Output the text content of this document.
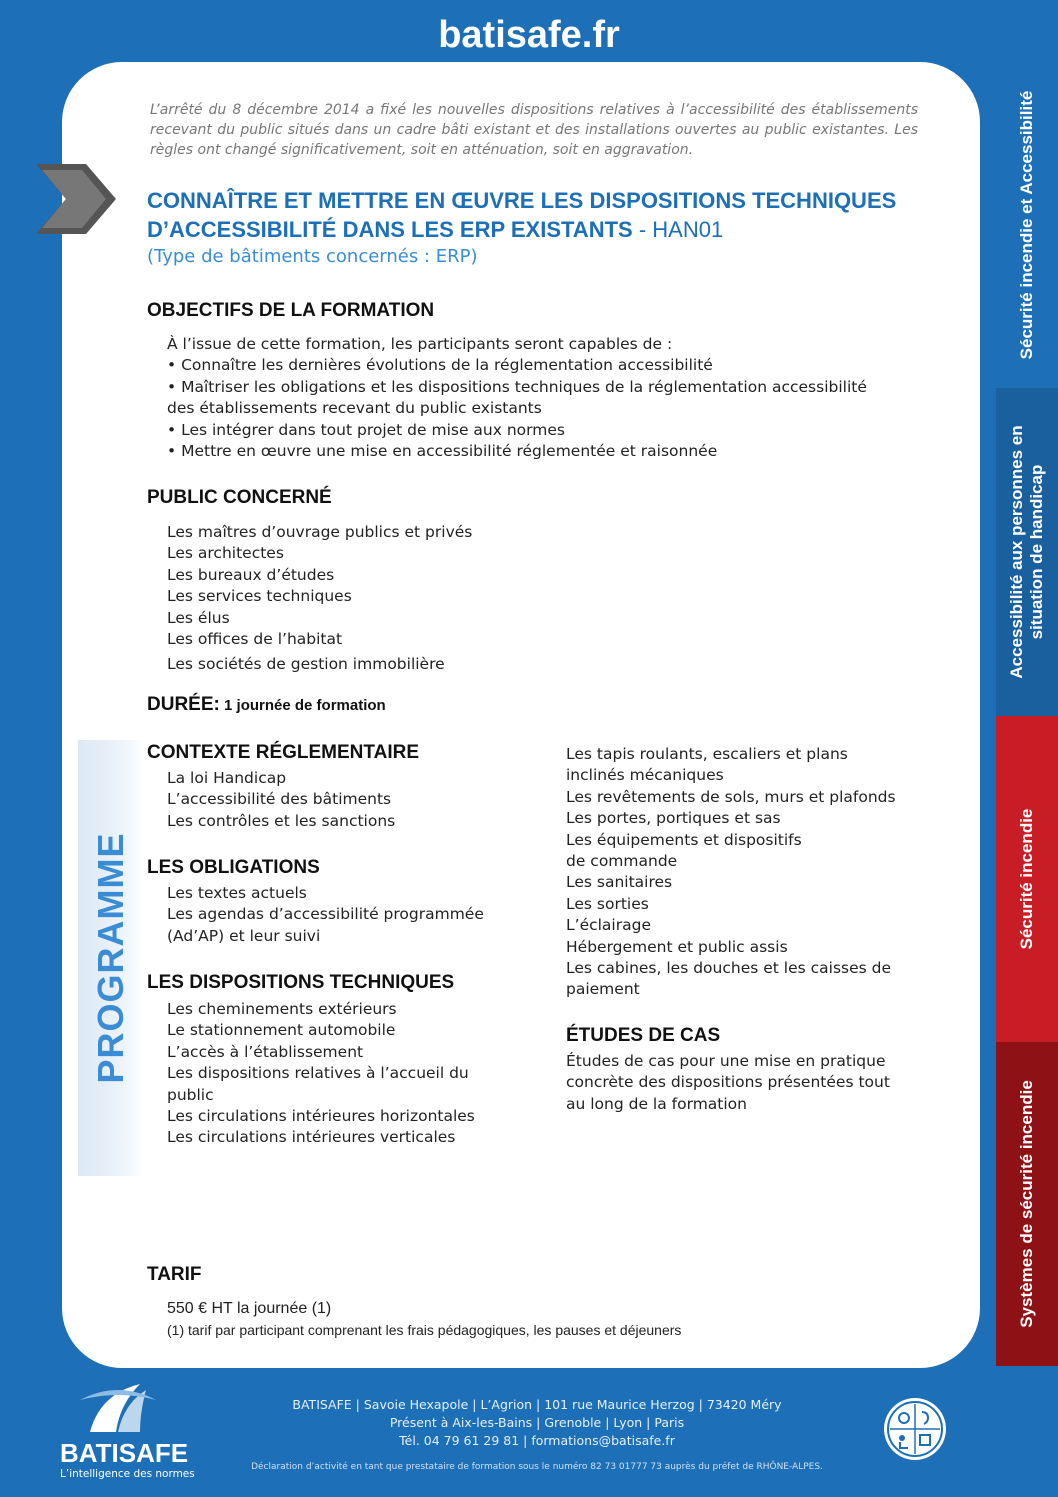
batisafe.fr
Sécurité incendie et Accessibilité
Accessibilité aux personnes en situation de handicap
Sécurité incendie
Systèmes de sécurité incendie
PROGRAMME
L’arrêté du 8 décembre 2014 a fixé les nouvelles dispositions relatives à l’accessibilité des établissements recevant du public situés dans un cadre bâti existant et des installations ouvertes au public existantes. Les règles ont changé significativement, soit en atténuation, soit en aggravation.
CONNAÎTRE ET METTRE EN ŒUVRE LES DISPOSITIONS TECHNIQUES D’ACCESSIBILITÉ DANS LES ERP EXISTANTS - HAN01
(Type de bâtiments concernés : ERP)
OBJECTIFS DE LA FORMATION
À l’issue de cette formation, les participants seront capables de :
• Connaître les dernières évolutions de la réglementation accessibilité
• Maîtriser les obligations et les dispositions techniques de la réglementation accessibilité
des établissements recevant du public existants
• Les intégrer dans tout projet de mise aux normes
• Mettre en œuvre une mise en accessibilité réglementée et raisonnée
PUBLIC CONCERNÉ
Les maîtres d’ouvrage publics et privés
Les architectes
Les bureaux d’études
Les services techniques
Les élus
Les offices de l’habitat
Les sociétés de gestion immobilière
DURÉE: 1 journée de formation
CONTEXTE RÉGLEMENTAIRE
La loi Handicap
L’accessibilité des bâtiments
Les contrôles et les sanctions
LES OBLIGATIONS
Les textes actuels
Les agendas d’accessibilité programmée
(Ad’AP) et leur suivi
LES DISPOSITIONS TECHNIQUES
Les cheminements extérieurs
Le stationnement automobile
L’accès à l’établissement
Les dispositions relatives à l’accueil du
public
Les circulations intérieures horizontales
Les circulations intérieures verticales
Les tapis roulants, escaliers et plans
inclinés mécaniques
Les revêtements de sols, murs et plafonds
Les portes, portiques et sas
Les équipements et dispositifs
de commande
Les sanitaires
Les sorties
L’éclairage
Hébergement et public assis
Les cabines, les douches et les caisses de
paiement
ÉTUDES DE CAS
Études de cas pour une mise en pratique
concrète des dispositions présentées tout
au long de la formation
TARIF
550 € HT la journée (1)
(1) tarif par participant comprenant les frais pédagogiques, les pauses et déjeuners
BATISAFE
L’intelligence des normes
BATISAFE | Savoie Hexapole | L’Agrion | 101 rue Maurice Herzog | 73420 Méry
Présent à Aix-les-Bains | Grenoble | Lyon | Paris
Tél. 04 79 61 29 81 | formations@batisafe.fr
Déclaration d’activité en tant que prestataire de formation sous le numéro 82 73 01777 73 auprès du préfet de RHÔNE-ALPES.
